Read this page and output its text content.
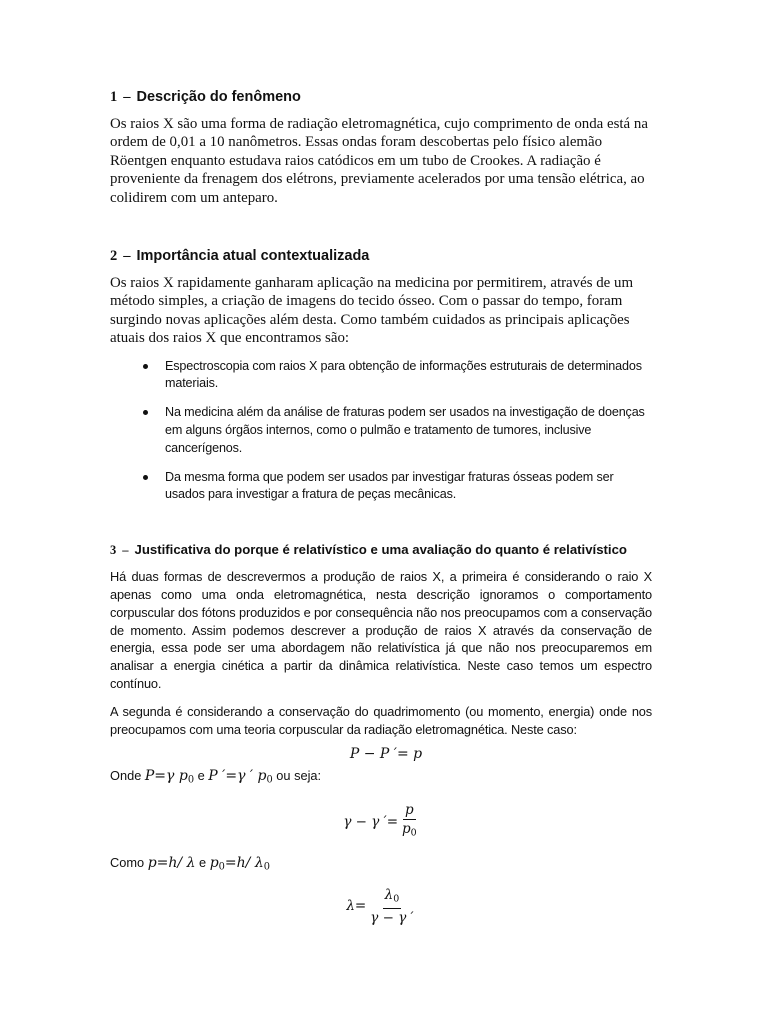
1 – Descrição do fenômeno

Os raios X são uma forma de radiação eletromagnética, cujo comprimento de onda está na ordem de 0,01 a 10 nanômetros. Essas ondas foram descobertas pelo físico alemão Röentgen enquanto estudava raios catódicos em um tubo de Crookes. A radiação é proveniente da frenagem dos elétrons, previamente acelerados por uma tensão elétrica, ao colidirem com um anteparo.

2 – Importância atual contextualizada

Os raios X rapidamente ganharam aplicação na medicina por permitirem, através de um método simples, a criação de imagens do tecido ósseo. Com o passar do tempo, foram surgindo novas aplicações além desta. Como também cuidados as principais aplicações atuais dos raios X que encontramos são:

Espectroscopia com raios X para obtenção de informações estruturais de determinados materiais.
Na medicina além da análise de fraturas podem ser usados na investigação de doenças em alguns órgãos internos, como o pulmão e tratamento de tumores, inclusive cancerígenos.
Da mesma forma que podem ser usados par investigar fraturas ósseas podem ser usados para investigar a fratura de peças mecânicas.
3 – Justificativa do porque é relativístico e uma avaliação do quanto é relativístico

Há duas formas de descrevermos a produção de raios X, a primeira é considerando o raio X apenas como uma onda eletromagnética, nesta descrição ignoramos o comportamento corpuscular dos fótons produzidos e por consequência não nos preocupamos com a conservação de momento. Assim podemos descrever a produção de raios X através da conservação de energia, essa pode ser uma abordagem não relativística já que não nos preocuparemos em analisar a energia cinética a partir da dinâmica relativística. Neste caso temos um espectro contínuo.

A segunda é considerando a conservação do quadrimomento (ou momento, energia) onde nos preocupamos com uma teoria corpuscular da radiação eletromagnética. Neste caso:

P − P ′= p

Onde P=γ $p_0$ e P ′=γ ′ $p_0$ ou seja:
γ − γ ′= $\frac{p}{p_0}$
Como p=h/ λ e $p_0=h/$ $\lambda_0$
$\lambda= \frac{\lambda_0}{\gamma - \gamma '}$
